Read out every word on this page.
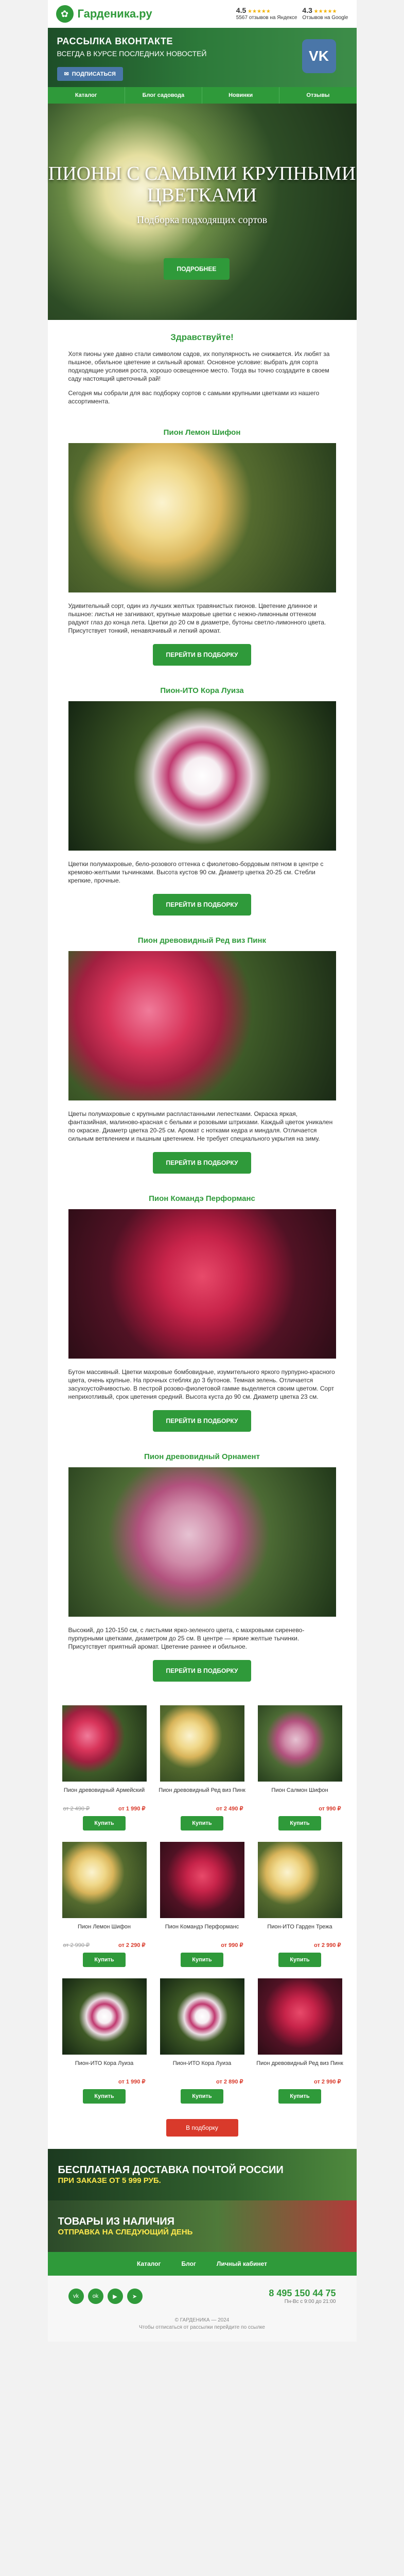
✿ Гарденика.ру	4.5 ★★★★★
5567 отзывов на Яндексе
4.3 ★★★★★
Отзывов на Google
РАССЫЛКА ВКОНТАКТЕ
ВСЕГДА В КУРСЕ ПОСЛЕДНИХ НОВОСТЕЙ
✉ ПОДПИСАТЬСЯ
VK
Каталог	Блог садовода	Новинки	Отзывы
ПИОНЫ С САМЫМИ КРУПНЫМИ ЦВЕТКАМИ
Подборка подходящих сортов
ПОДРОБНЕЕ
Здравствуйте!

Хотя пионы уже давно стали символом садов, их популярность не снижается. Их любят за пышное, обильное цветение и сильный аромат. Основное условие: выбрать для сорта подходящие условия роста, хорошо освещенное место. Тогда вы точно создадите в своем саду настоящий цветочный рай!

Сегодня мы собрали для вас подборку сортов с самыми крупными цветками из нашего ассортимента.

Пион Лемон Шифон

Удивительный сорт, один из лучших желтых травянистых пионов. Цветение длинное и пышное: листья не загнивают, крупные махровые цветки с нежно-лимонным оттенком радуют глаз до конца лета. Цветки до 20 см в диаметре, бутоны светло-лимонного цвета. Присутствует тонкий, ненавязчивый и легкий аромат.

ПЕРЕЙТИ В ПОДБОРКУ
Пион-ИТО Кора Луиза

Цветки полумахровые, бело-розового оттенка с фиолетово-бордовым пятном в центре с кремово-желтыми тычинками. Высота кустов 90 см. Диаметр цветка 20-25 см. Стебли крепкие, прочные.

ПЕРЕЙТИ В ПОДБОРКУ
Пион древовидный Ред виз Пинк

Цветы полумахровые с крупными распластанными лепестками. Окраска яркая, фантазийная, малиново-красная с белыми и розовыми штрихами. Каждый цветок уникален по окраске. Диаметр цветка 20-25 см. Аромат с нотками кедра и миндаля. Отличается сильным ветвлением и пышным цветением. Не требует специального укрытия на зиму.

ПЕРЕЙТИ В ПОДБОРКУ
Пион Командэ Перформанс

Бутон массивный. Цветки махровые бомбовидные, изумительного яркого пурпурно-красного цвета, очень крупные. На прочных стеблях до 3 бутонов. Темная зелень. Отличается засухоустойчивостью. В пестрой розово-фиолетовой гамме выделяется своим цветом. Сорт неприхотливый, срок цветения средний. Высота куста до 90 см. Диаметр цветка 23 см.

ПЕРЕЙТИ В ПОДБОРКУ
Пион древовидный Орнамент

Высокий, до 120-150 см, с листьями ярко-зеленого цвета, с махровыми сиренево-пурпурными цветками, диаметром до 25 см. В центре — яркие желтые тычинки. Присутствует приятный аромат. Цветение раннее и обильное.

ПЕРЕЙТИ В ПОДБОРКУ
Пион древовидный Армейский
от 2 490 ₽	от 1 990 ₽
Купить
Пион древовидный Ред виз Пинк
от 2 490 ₽
Купить
Пион Салмон Шифон
от 990 ₽
Купить
Пион Лемон Шифон
от 2 990 ₽	от 2 290 ₽
Купить
Пион Командэ Перформанс
от 990 ₽
Купить
Пион-ИТО Гарден Трежа
от 2 990 ₽
Купить
Пион-ИТО Кора Луиза
от 1 990 ₽
Купить
Пион-ИТО Кора Луиза
от 2 890 ₽
Купить
Пион древовидный Ред виз Пинк
от 2 990 ₽
Купить
В подборку
БЕСПЛАТНАЯ ДОСТАВКА ПОЧТОЙ РОССИИ
ПРИ ЗАКАЗЕ ОТ 5 999 РУБ.
ТОВАРЫ ИЗ НАЛИЧИЯ
ОТПРАВКА НА СЛЕДУЮЩИЙ ДЕНЬ
Каталог	Блог	Личный кабинет
vk	ok	▶	➤	8 495 150 44 75
Пн-Вс с 9:00 до 21:00
© ГАРДЕНИКА — 2024
Чтобы отписаться от рассылки перейдите по ссылке
